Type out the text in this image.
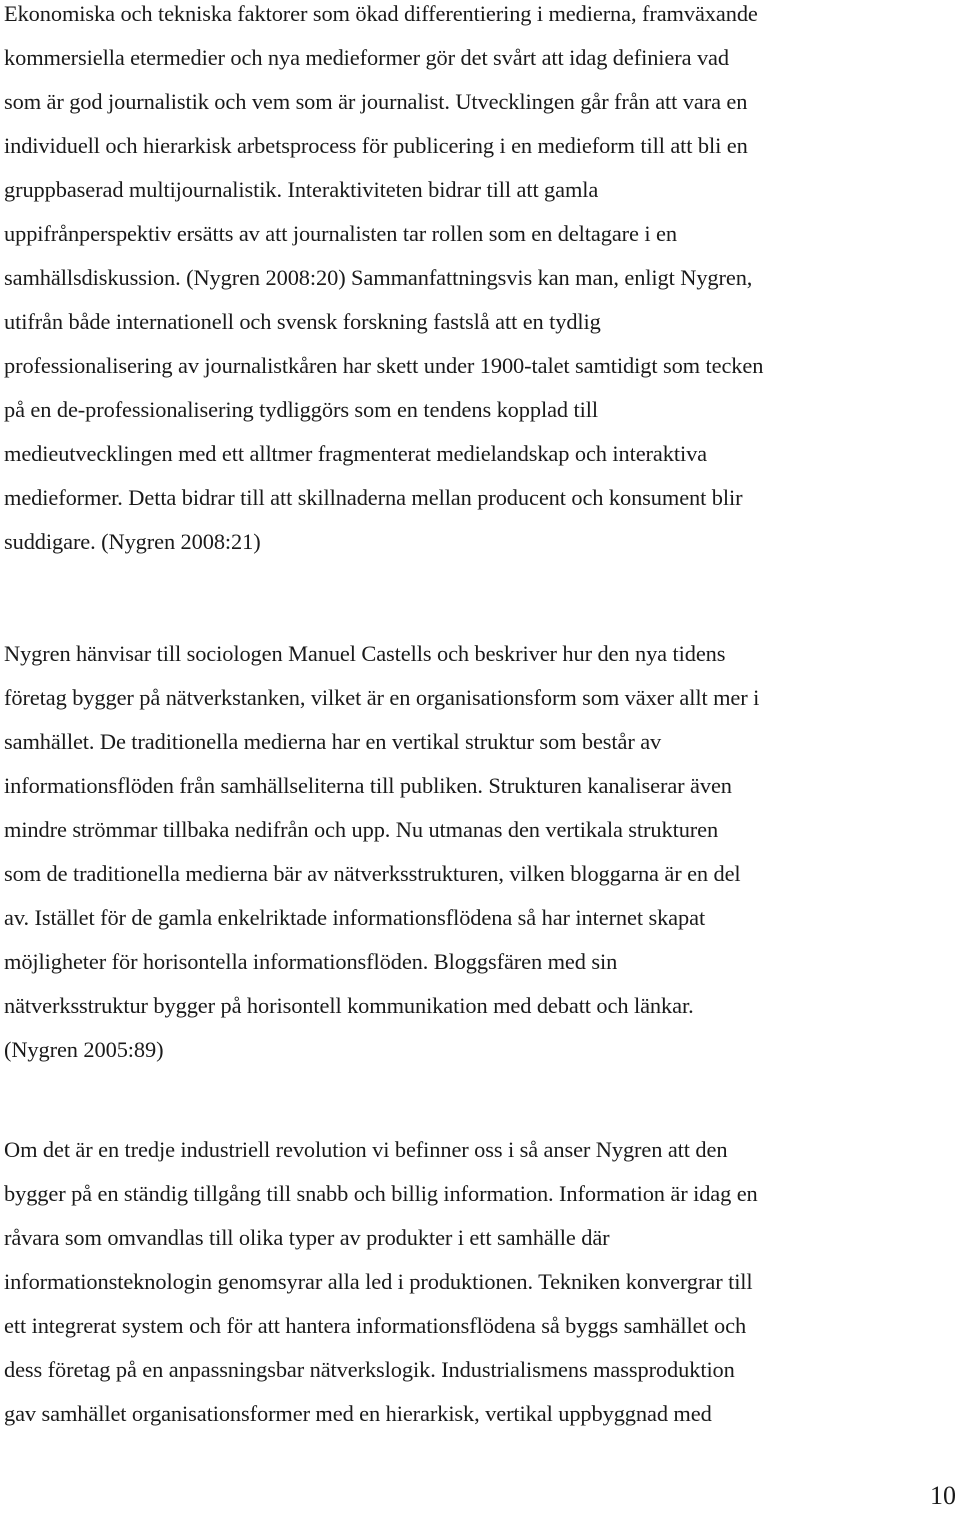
Ekonomiska och tekniska faktorer som ökad differentiering i medierna, framväxande
kommersiella etermedier och nya medieformer gör det svårt att idag definiera vad
som är god journalistik och vem som är journalist. Utvecklingen går från att vara en
individuell och hierarkisk arbetsprocess för publicering i en medieform till att bli en
gruppbaserad multijournalistik. Interaktiviteten bidrar till att gamla
uppifrånperspektiv ersätts av att journalisten tar rollen som en deltagare i en
samhällsdiskussion. (Nygren 2008:20) Sammanfattningsvis kan man, enligt Nygren,
utifrån både internationell och svensk forskning fastslå att en tydlig
professionalisering av journalistkåren har skett under 1900-talet samtidigt som tecken
på en de-professionalisering tydliggörs som en tendens kopplad till
medieutvecklingen med ett alltmer fragmenterat medielandskap och interaktiva
medieformer. Detta bidrar till att skillnaderna mellan producent och konsument blir
suddigare. (Nygren 2008:21)

Nygren hänvisar till sociologen Manuel Castells och beskriver hur den nya tidens
företag bygger på nätverkstanken, vilket är en organisationsform som växer allt mer i
samhället. De traditionella medierna har en vertikal struktur som består av
informationsflöden från samhällseliterna till publiken. Strukturen kanaliserar även
mindre strömmar tillbaka nedifrån och upp. Nu utmanas den vertikala strukturen
som de traditionella medierna bär av nätverksstrukturen, vilken bloggarna är en del
av. Istället för de gamla enkelriktade informationsflödena så har internet skapat
möjligheter för horisontella informationsflöden. Bloggsfären med sin
nätverksstruktur bygger på horisontell kommunikation med debatt och länkar.
(Nygren 2005:89)

Om det är en tredje industriell revolution vi befinner oss i så anser Nygren att den
bygger på en ständig tillgång till snabb och billig information. Information är idag en
råvara som omvandlas till olika typer av produkter i ett samhälle där
informationsteknologin genomsyrar alla led i produktionen. Tekniken konvergrar till
ett integrerat system och för att hantera informationsflödena så byggs samhället och
dess företag på en anpassningsbar nätverkslogik. Industrialismens massproduktion
gav samhället organisationsformer med en hierarkisk, vertikal uppbyggnad med

10
